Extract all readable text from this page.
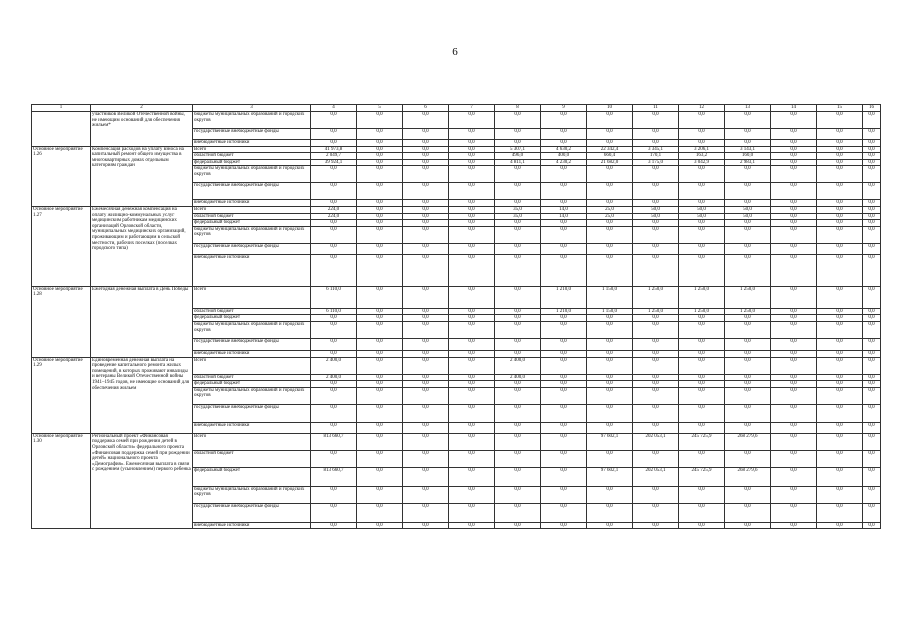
6
1	2	3	4	5	6	7	8	9	10	11	12	13	14	15	16
	участников Великой Отечественной войны, не имеющим оснований для обеспечения жильем*	бюджеты муниципальных образований и городских округов	0,0	0,0	0,0	0,0	0,0	0,0	0,0	0,0	0,0	0,0	0,0	0,0	0,0
		государственные внебюджетные фонды	0,0	0,0	0,0	0,0	0,0	0,0	0,0	0,0	0,0	0,0	0,0	0,0	0,0
		внебюджетные источники	0,0	0,0	0,0	0,0	0,0	0,0	0,0	0,0	0,0	0,0	0,0	0,0	0,0
Основное мероприятие 1.26	Компенсация расходов на уплату взноса на капитальный ремонт общего имущества в многоквартирных домах отдельным категориям граждан	Всего	41 973,8	0,0	0,0	0,0	5 307,1	4 630,2	22 342,4	3 345,1	3 206,1	3 143,1	0,0	0,0	0,0
		областной бюджет	2 049,7	0,0	0,0	0,0	496,0	400,0	660,4	170,1	163,2	160,0	0,0	0,0	0,0
		федеральный бюджет	39 924,1	0,0	0,0	0,0	4 811,1	4 230,2	21 682,0	3 175,0	3 042,9	2 983,1	0,0	0,0	0,0
		бюджеты муниципальных образований и городских округов	0,0	0,0	0,0	0,0	0,0	0,0	0,0	0,0	0,0	0,0	0,0	0,0	0,0
		государственные внебюджетные фонды	0,0	0,0	0,0	0,0	0,0	0,0	0,0	0,0	0,0	0,0	0,0	0,0	0,0
		внебюджетные источники	0,0	0,0	0,0	0,0	0,0	0,0	0,0	0,0	0,0	0,0	0,0	0,0	0,0
Основное мероприятие 1.27	Ежемесячная денежная компенсация на оплату жилищно-коммунальных услуг медицинским работникам медицинских организаций Орловской области, муниципальных медицинских организаций, проживающим и работающим в сельской местности, рабочих поселках (поселках городского типа)	Всего	224,0	0,0	0,0	0,0	35,0	14,0	25,0	50,0	50,0	50,0	0,0	0,0	0,0
		областной бюджет	224,0	0,0	0,0	0,0	35,0	14,0	25,0	50,0	50,0	50,0	0,0	0,0	0,0
		федеральный бюджет	0,0	0,0	0,0	0,0	0,0	0,0	0,0	0,0	0,0	0,0	0,0	0,0	0,0
		бюджеты муниципальных образований и городских округов	0,0	0,0	0,0	0,0	0,0	0,0	0,0	0,0	0,0	0,0	0,0	0,0	0,0
		государственные внебюджетные фонды	0,0	0,0	0,0	0,0	0,0	0,0	0,0	0,0	0,0	0,0	0,0	0,0	0,0
		внебюджетные источники	0,0	0,0	0,0	0,0	0,0	0,0	0,0	0,0	0,0	0,0	0,0	0,0	0,0
Основное мероприятие 1.28	Ежегодная денежная выплата в День Победы	Всего	6 110,0	0,0	0,0	0,0	0,0	1 210,0	1 150,0	1 250,0	1 250,0	1 250,0	0,0	0,0	0,0
		областной бюджет	6 110,0	0,0	0,0	0,0	0,0	1 210,0	1 150,0	1 250,0	1 250,0	1 250,0	0,0	0,0	0,0
		федеральный бюджет	0,0	0,0	0,0	0,0	0,0	0,0	0,0	0,0	0,0	0,0	0,0	0,0	0,0
		бюджеты муниципальных образований и городских округов	0,0	0,0	0,0	0,0	0,0	0,0	0,0	0,0	0,0	0,0	0,0	0,0	0,0
		государственные внебюджетные фонды	0,0	0,0	0,0	0,0	0,0	0,0	0,0	0,0	0,0	0,0	0,0	0,0	0,0
		внебюджетные источники	0,0	0,0	0,0	0,0	0,0	0,0	0,0	0,0	0,0	0,0	0,0	0,0	0,0
Основное мероприятие 1.29	Единовременная денежная выплата на проведение капитального ремонта жилых помещений, в которых проживают инвалиды и ветераны Великой Отечественной войны 1941–1945 годов, не имеющие оснований для обеспечения жильем	Всего	2 400,0	0,0	0,0	0,0	2 400,0	0,0	0,0	0,0	0,0	0,0	0,0	0,0	0,0
		областной бюджет	2 400,0	0,0	0,0	0,0	2 400,0	0,0	0,0	0,0	0,0	0,0	0,0	0,0	0,0
		федеральный бюджет	0,0	0,0	0,0	0,0	0,0	0,0	0,0	0,0	0,0	0,0	0,0	0,0	0,0
		бюджеты муниципальных образований и городских округов	0,0	0,0	0,0	0,0	0,0	0,0	0,0	0,0	0,0	0,0	0,0	0,0	0,0
		государственные внебюджетные фонды	0,0	0,0	0,0	0,0	0,0	0,0	0,0	0,0	0,0	0,0	0,0	0,0	0,0
		внебюджетные источники	0,0	0,0	0,0	0,0	0,0	0,0	0,0	0,0	0,0	0,0	0,0	0,0	0,0
Основное мероприятие 1.30	Региональный проект «Финансовая поддержка семей при рождении детей в Орловской области» федерального проекта «Финансовая поддержка семей при рождении детей» национального проекта «Демография». Ежемесячная выплата в связи с рождением (усыновлением) первого ребенка	Всего	813 660,7	0,0	0,0	0,0	0,0	0,0	97 602,1	202 053,1	245 725,9	268 279,6	0,0	0,0	0,0
		областной бюджет	0,0	0,0	0,0	0,0	0,0	0,0	0,0	0,0	0,0	0,0	0,0	0,0	0,0
		федеральный бюджет	813 660,7	0,0	0,0	0,0	0,0	0,0	97 602,1	202 053,1	245 725,9	268 279,6	0,0	0,0	0,0
		бюджеты муниципальных образований и городских округов	0,0	0,0	0,0	0,0	0,0	0,0	0,0	0,0	0,0	0,0	0,0	0,0	0,0
		государственные внебюджетные фонды	0,0	0,0	0,0	0,0	0,0	0,0	0,0	0,0	0,0	0,0	0,0	0,0	0,0
		внебюджетные источники	0,0	0,0	0,0	0,0	0,0	0,0	0,0	0,0	0,0	0,0	0,0	0,0	0,0
